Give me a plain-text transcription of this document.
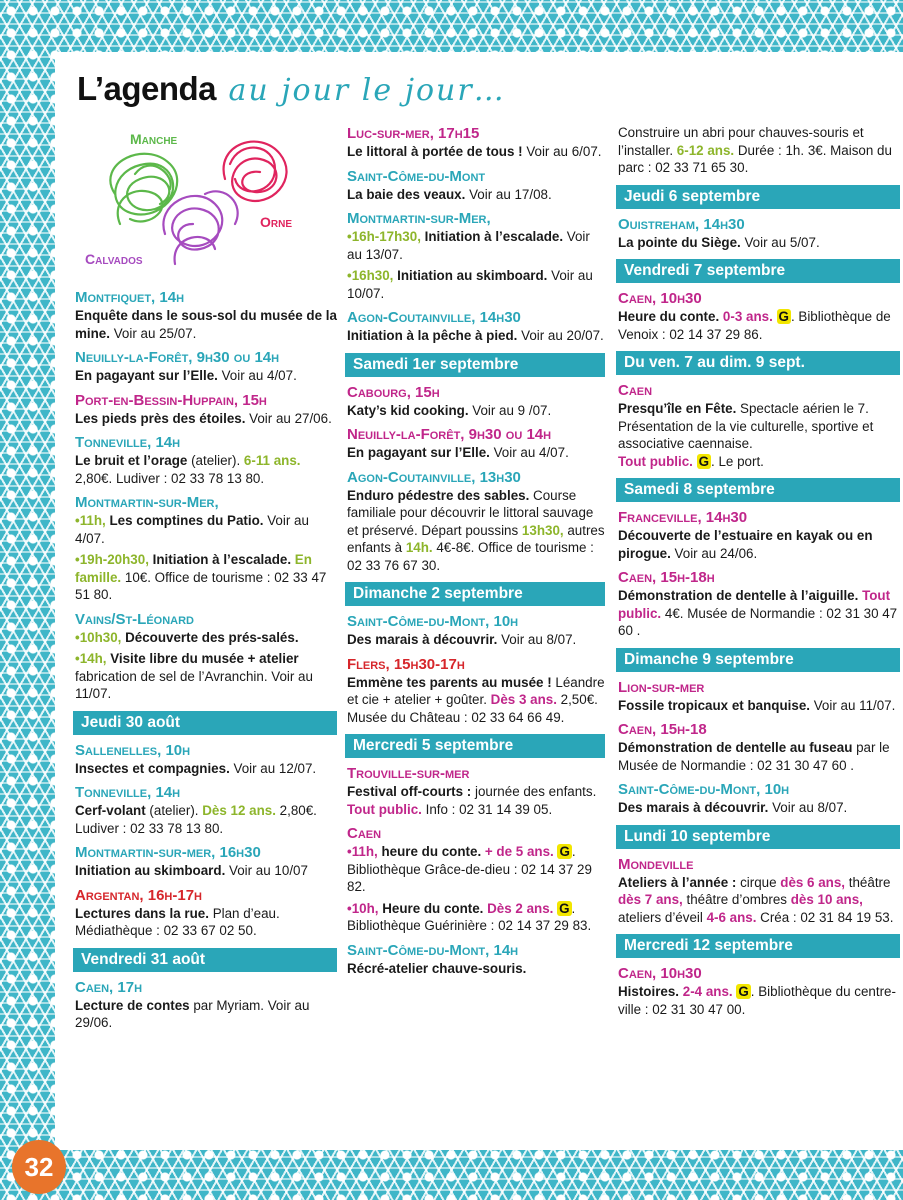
L’agenda au jour le jour…
Manche
Orne
Calvados
Montfiquet, 14h

Enquête dans le sous-sol du musée de la mine. Voir au 25/07.

Neuilly-la-Forêt, 9h30 ou 14h

En pagayant sur l’Elle. Voir au 4/07.

Port-en-Bessin-Huppain, 15h

Les pieds près des étoiles. Voir au 27/06.

Tonneville, 14h

Le bruit et l’orage (atelier). 6-11 ans. 2,80€. Ludiver : 02 33 78 13 80.

Montmartin-sur-Mer,

•11h, Les comptines du Patio. Voir au 4/07.

•19h-20h30, Initiation à l’escalade. En famille. 10€. Office de tourisme : 02 33 47 51 80.

Vains/St-Léonard

•10h30, Découverte des prés-salés.

•14h, Visite libre du musée + atelier fabrication de sel de l’Avranchin. Voir au 11/07.

Jeudi 30 août
Sallenelles, 10h

Insectes et compagnies. Voir au 12/07.

Tonneville, 14h

Cerf-volant (atelier). Dès 12 ans. 2,80€. Ludiver : 02 33 78 13 80.

Montmartin-sur-mer, 16h30

Initiation au skimboard. Voir au 10/07

Argentan, 16h-17h

Lectures dans la rue. Plan d’eau. Médiathèque : 02 33 67 02 50.

Vendredi 31 août
Caen, 17h

Lecture de contes par Myriam. Voir au 29/06.

Luc-sur-mer, 17h15

Le littoral à portée de tous ! Voir au 6/07.

Saint-Côme-du-Mont

La baie des veaux. Voir au 17/08.

Montmartin-sur-Mer,

•16h-17h30, Initiation à l’escalade. Voir au 13/07.

•16h30, Initiation au skimboard. Voir au 10/07.

Agon-Coutainville, 14h30

Initiation à la pêche à pied. Voir au 20/07.

Samedi 1er septembre
Cabourg, 15h

Katy’s kid cooking. Voir au 9 /07.

Neuilly-la-Forêt, 9h30 ou 14h

En pagayant sur l’Elle. Voir au 4/07.

Agon-Coutainville, 13h30

Enduro pédestre des sables. Course familiale pour découvrir le littoral sauvage et préservé. Départ poussins 13h30, autres enfants à 14h. 4€-8€. Office de tourisme : 02 33 76 67 30.

Dimanche 2 septembre
Saint-Côme-du-Mont, 10h

Des marais à découvrir. Voir au 8/07.

Flers, 15h30-17h

Emmène tes parents au musée ! Léandre et cie + atelier + goûter. Dès 3 ans. 2,50€. Musée du Château : 02 33 64 66 49.

Mercredi 5 septembre
Trouville-sur-mer

Festival off-courts : journée des enfants. Tout public. Info : 02 31 14 39 05.

Caen

•11h, heure du conte. + de 5 ans. G . Bibliothèque Grâce-de-dieu : 02 14 37 29 82.

•10h, Heure du conte. Dès 2 ans. G . Bibliothèque Guérinière : 02 14 37 29 83.

Saint-Côme-du-Mont, 14h

Récré-atelier chauve-souris.

Construire un abri pour chauves-souris et l’installer. 6-12 ans. Durée : 1h. 3€. Maison du parc : 02 33 71 65 30.

Jeudi 6 septembre
Ouistreham, 14h30

La pointe du Siège. Voir au 5/07.

Vendredi 7 septembre
Caen, 10h30

Heure du conte. 0-3 ans. G . Bibliothèque de Venoix : 02 14 37 29 86.

Du ven. 7 au dim. 9 sept.
Caen

Presqu’île en Fête. Spectacle aérien le 7. Présentation de la vie culturelle, sportive et associative caennaise.

Tout public. G . Le port.

Samedi 8 septembre
Franceville, 14h30

Découverte de l’estuaire en kayak ou en pirogue. Voir au 24/06.

Caen, 15h-18h

Démonstration de dentelle à l’aiguille. Tout public. 4€. Musée de Normandie : 02 31 30 47 60 .

Dimanche 9 septembre
Lion-sur-mer

Fossile tropicaux et banquise. Voir au 11/07.

Caen, 15h-18

Démonstration de dentelle au fuseau par le Musée de Normandie : 02 31 30 47 60 .

Saint-Côme-du-Mont, 10h

Des marais à découvrir. Voir au 8/07.

Lundi 10 septembre
Mondeville

Ateliers à l’année : cirque dès 6 ans, théâtre dès 7 ans, théâtre d’ombres dès 10 ans, ateliers d’éveil 4-6 ans. Créa : 02 31 84 19 53.

Mercredi 12 septembre
Caen, 10h30

Histoires. 2-4 ans. G . Bibliothèque du centre-ville : 02 31 30 47 00.

32
